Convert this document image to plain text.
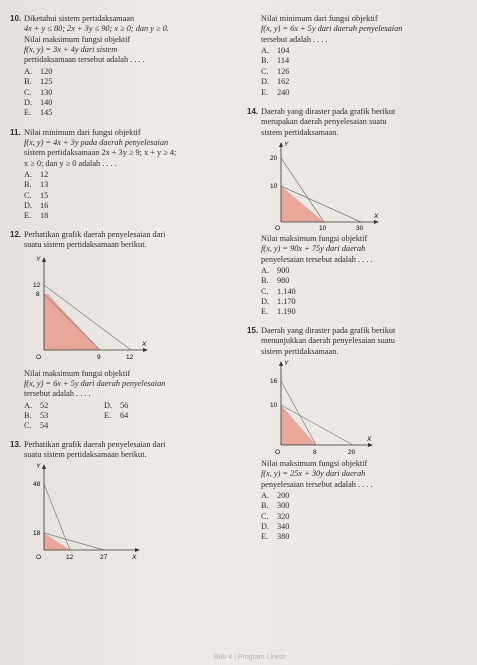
10. Diketahui sistem pertidaksamaan
4x + y ≤ 80; 2x + 3y ≤ 90; x ≥ 0; dan y ≥ 0.
Nilai maksimum fungsi objektif
f(x, y) = 3x + 4y dari sistem
pertidaksamaan tersebut adalah . . . .
A. 120
B.	125
C.	130
D. 140
E.	145
11. Nilai minimum dari fungsi objektif
f(x, y) = 4x + 3y pada daerah penyelesaian
sistem pertidaksamaan 2x + 3y ≥ 9; x + y ≥ 4;
x ≥ 0; dan y ≥ 0 adalah . . . .
A. 12
B.	13
C.	15
D. 16
E.	18
12. Perhatikan grafik daerah penyelesaian dari
suatu sistem pertidaksamaan berikut.
Y
X
O
12
8
9	12
Nilai maksimum fungsi objektif
f(x, y) = 6x + 5y dari daerah penyelesaian
tersebut adalah . . . .
A. 52	D. 56
B.	53	E.	64
C.	54
13. Perhatikan grafik daerah penyelesaian dari
suatu sistem pertidaksamaan berikut.
Y
X
O
48
18
12	27
Nilai minimum dari fungsi objektif
f(x, y) = 6x + 5y dari daerah penyelesaian
tersebut adalah . . . .
A. 104
B.	114
C.	126
D. 162
E.	240
14. Daerah yang diraster pada grafik berikut
merupakan daerah penyelesaian suatu
sistem pertidaksamaan.
Y
X
O
20
10
10	30
Nilai maksimum fungsi objektif
f(x, y) = 90x + 75y dari daerah
penyelesaian tersebut adalah . . . .
A. 900
B.	980
C.	1.140
D. 1.170
E.	1.190
15. Daerah yang diraster pada grafik berikut
menunjukkan daerah penyelesaian suatu
sistem pertidaksamaan.
Y
X
O
16
10
8	20
Nilai maksimum fungsi objektif
f(x, y) = 25x + 30y dari daerah
penyelesaian tersebut adalah . . . .
A. 200
B.	300
C.	320
D. 340
E.	380
Bab 4 | Program Linear
